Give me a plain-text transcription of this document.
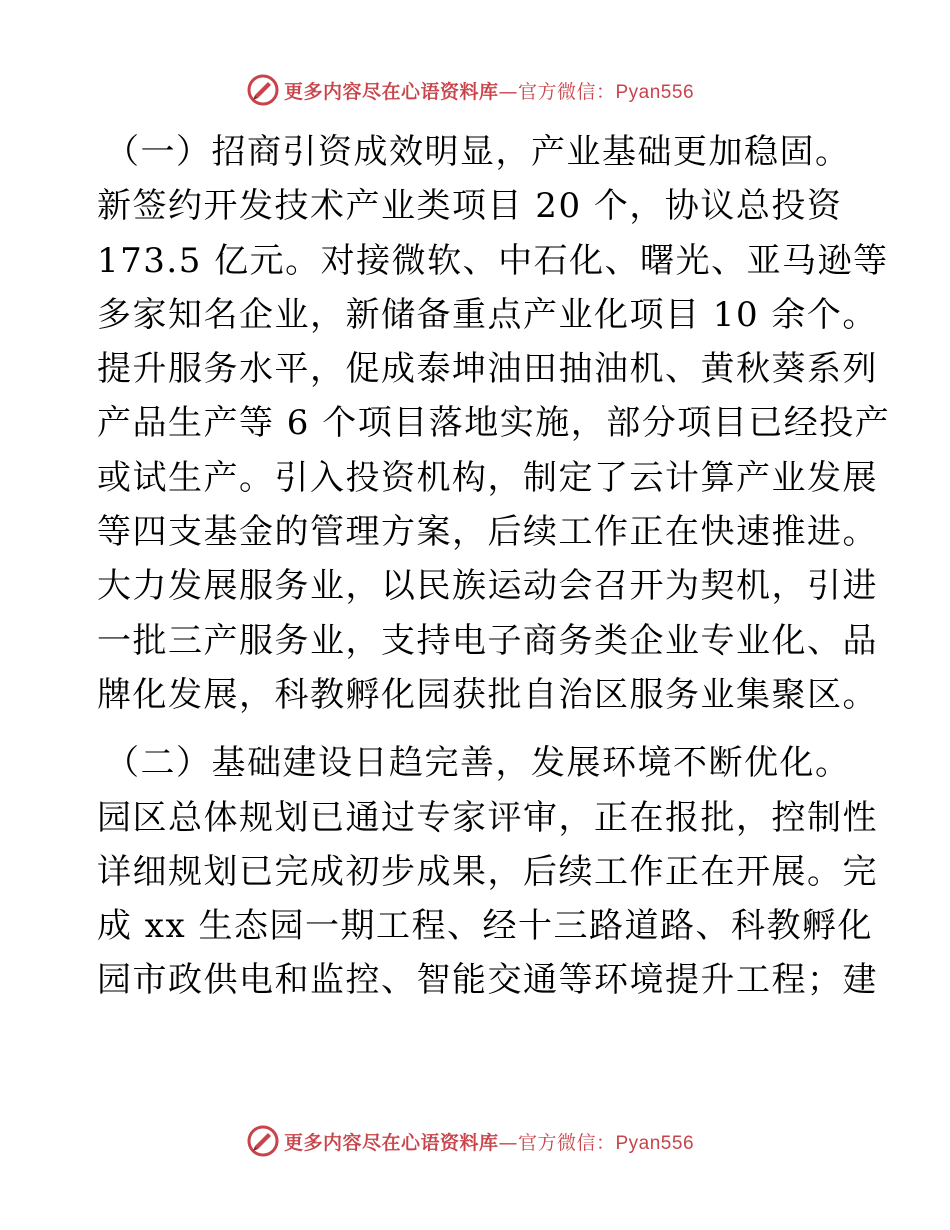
更多内容尽在心语资料库—官方微信：Pyan556
（一）招商引资成效明显，产业基础更加稳固。
新签约开发技术产业类项目 20 个，协议总投资
173.5 亿元。对接微软、中石化、曙光、亚马逊等
多家知名企业，新储备重点产业化项目 10 余个。
提升服务水平，促成泰坤油田抽油机、黄秋葵系列
产品生产等 6 个项目落地实施，部分项目已经投产
或试生产。引入投资机构，制定了云计算产业发展
等四支基金的管理方案，后续工作正在快速推进。
大力发展服务业，以民族运动会召开为契机，引进
一批三产服务业，支持电子商务类企业专业化、品
牌化发展，科教孵化园获批自治区服务业集聚区。
（二）基础建设日趋完善，发展环境不断优化。
园区总体规划已通过专家评审，正在报批，控制性
详细规划已完成初步成果，后续工作正在开展。完
成 xx 生态园一期工程、经十三路道路、科教孵化
园市政供电和监控、智能交通等环境提升工程；建
更多内容尽在心语资料库—官方微信：Pyan556
